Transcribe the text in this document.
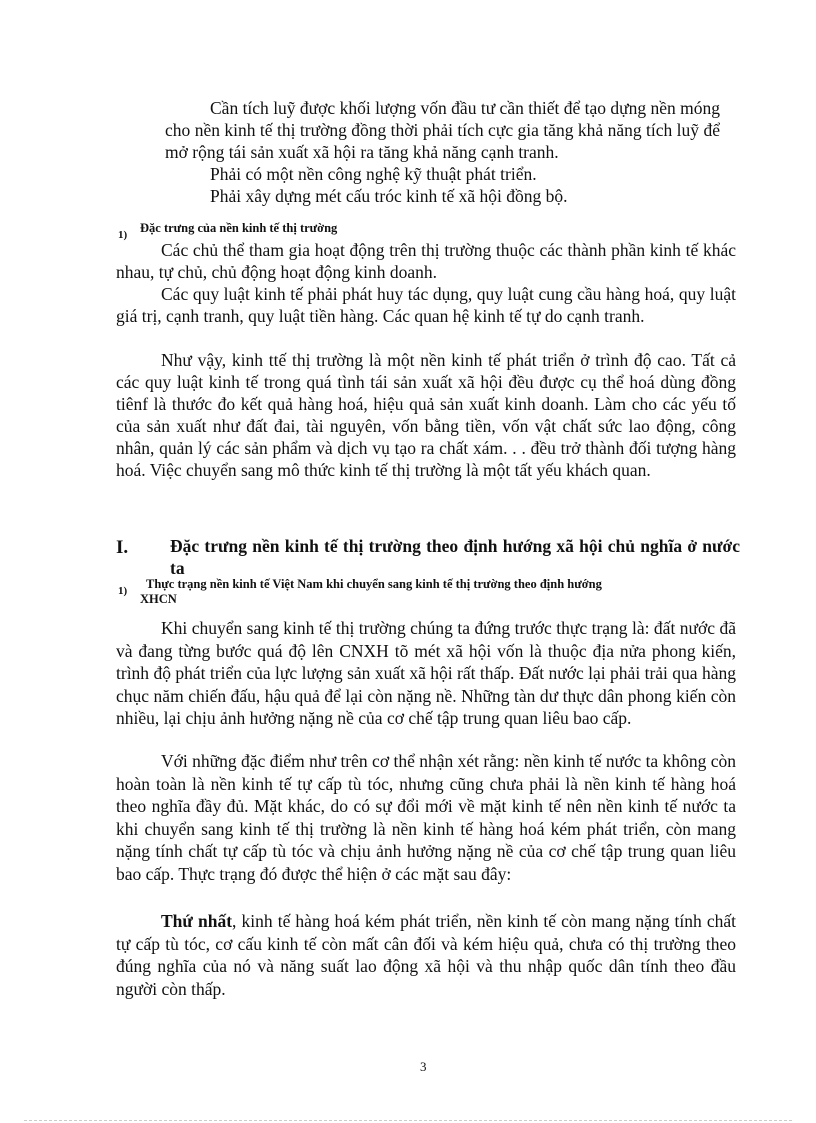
Cần tích luỹ được khối lượng vốn đầu tư cần thiết để tạo dựng nền móng cho nền kinh tế thị trường đồng thời phải tích cực gia tăng khả năng tích luỹ để mở rộng tái sản xuất xã hội ra tăng khả năng cạnh tranh.

Phải có một nền công nghệ kỹ thuật phát triển.

Phải xây dựng mét cấu tróc kinh tế xã hội đồng bộ.

1) Đặc trưng của nền kinh tế thị trường

Các chủ thể tham gia hoạt động trên thị trường thuộc các thành phần kinh tế khác nhau, tự chủ, chủ động hoạt động kinh doanh.

Các quy luật kinh tế phải phát huy tác dụng, quy luật cung cầu hàng hoá, quy luật giá trị, cạnh tranh, quy luật tiền hàng. Các quan hệ kinh tế tự do cạnh tranh.

Như vậy, kinh ttế thị trường là một nền kinh tế phát triển ở trình độ cao. Tất cả các quy luật kinh tế trong quá tình tái sản xuất xã hội đều được cụ thể hoá dùng đồng tiênf là thước đo kết quả hàng hoá, hiệu quả sản xuất kinh doanh. Làm cho các yếu tố của sản xuất như đất đai, tài nguyên, vốn bằng tiền, vốn vật chất sức lao động, công nhân, quản lý các sản phẩm và dịch vụ tạo ra chất xám. . . đều trở thành đối tượng hàng hoá. Việc chuyển sang mô thức kinh tế thị trường là một tất yếu khách quan.

I. Đặc trưng nền kinh tế thị trường theo định hướng xã hội chủ nghĩa ở nước ta

1) Thực trạng nền kinh tế Việt Nam khi chuyển sang kinh tế thị trường theo định hướng
XHCN

Khi chuyển sang kinh tế thị trường chúng ta đứng trước thực trạng là: đất nước đã và đang từng bước quá độ lên CNXH tõ mét xã hội vốn là thuộc địa nửa phong kiến, trình độ phát triển của lực lượng sản xuất xã hội rất thấp. Đất nước lại phải trải qua hàng chục năm chiến đấu, hậu quả để lại còn nặng nề. Những tàn dư thực dân phong kiến còn nhiều, lại chịu ảnh hưởng nặng nề của cơ chế tập trung quan liêu bao cấp.

Với những đặc điểm như trên cơ thể nhận xét rằng: nền kinh tế nước ta không còn hoàn toàn là nền kinh tế tự cấp tù tóc, nhưng cũng chưa phải là nền kinh tế hàng hoá theo nghĩa đầy đủ. Mặt khác, do có sự đổi mới về mặt kinh tế nên nền kinh tế nước ta khi chuyển sang kinh tế thị trường là nền kinh tế hàng hoá kém phát triển, còn mang nặng tính chất tự cấp tù tóc và chịu ảnh hưởng nặng nề của cơ chế tập trung quan liêu bao cấp. Thực trạng đó được thể hiện ở các mặt sau đây:

Thứ nhất, kinh tế hàng hoá kém phát triển, nền kinh tế còn mang nặng tính chất tự cấp tù tóc, cơ cấu kinh tế còn mất cân đối và kém hiệu quả, chưa có thị trường theo đúng nghĩa của nó và năng suất lao động xã hội và thu nhập quốc dân tính theo đầu người còn thấp.

3
